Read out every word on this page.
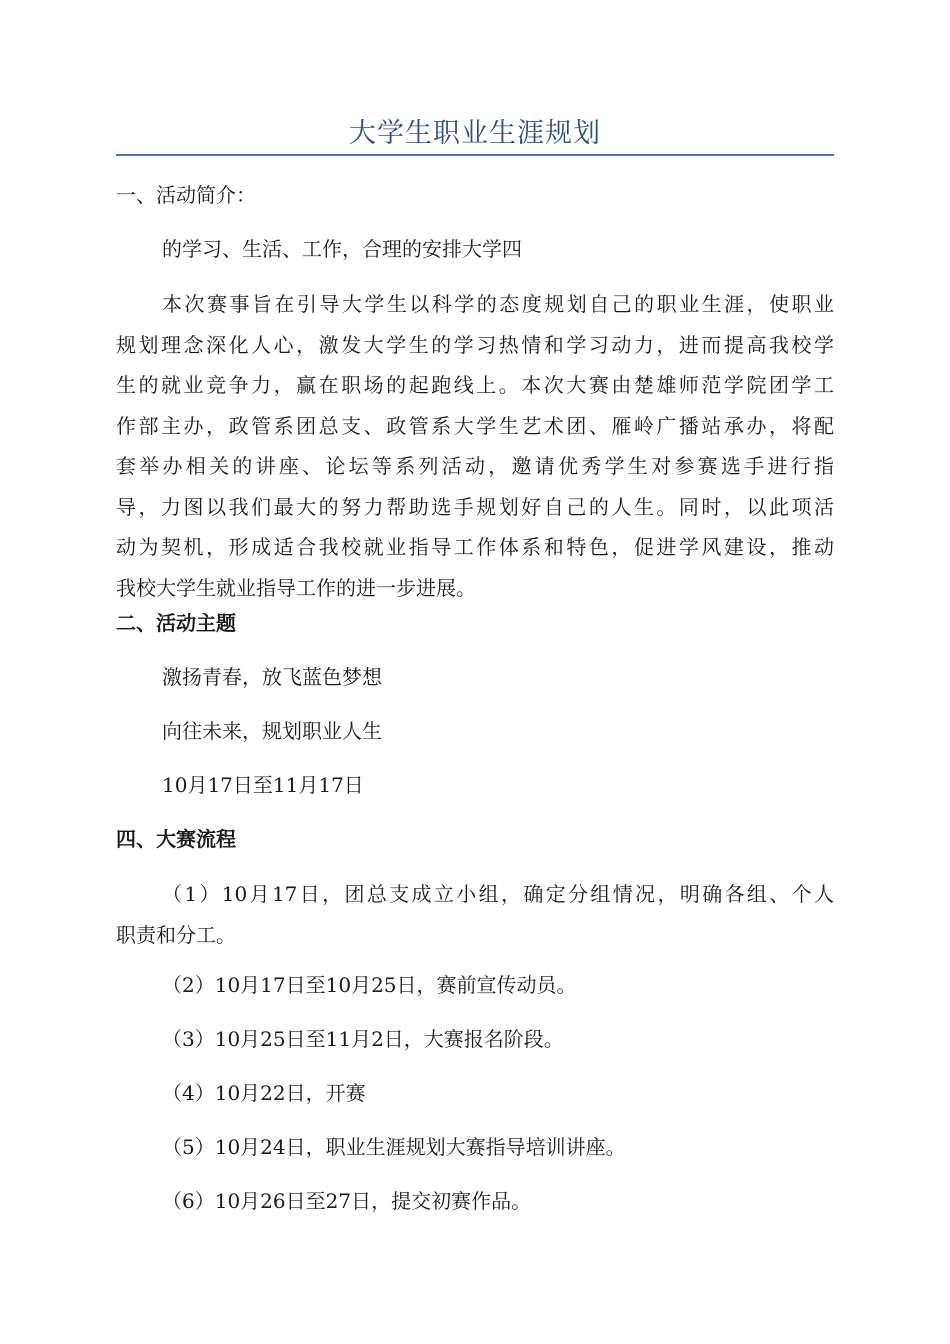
大学生职业生涯规划
一、活动简介：
的学习、生活、工作，合理的安排大学四
本次赛事旨在引导大学生以科学的态度规划自己的职业生涯，使职业
规划理念深化人心，激发大学生的学习热情和学习动力，进而提高我校学
生的就业竞争力，赢在职场的起跑线上。本次大赛由楚雄师范学院团学工
作部主办，政管系团总支、政管系大学生艺术团、雁岭广播站承办，将配
套举办相关的讲座、论坛等系列活动，邀请优秀学生对参赛选手进行指
导，力图以我们最大的努力帮助选手规划好自己的人生。同时，以此项活
动为契机，形成适合我校就业指导工作体系和特色，促进学风建设，推动
我校大学生就业指导工作的进一步进展。
二、活动主题
激扬青春，放飞蓝色梦想
向往未来，规划职业人生
10月17日至11月17日
四、大赛流程
（1）10月17日，团总支成立小组，确定分组情况，明确各组、个人
职责和分工。
（2）10月17日至10月25日，赛前宣传动员。
（3）10月25日至11月2日，大赛报名阶段。
（4）10月22日，开赛
（5）10月24日，职业生涯规划大赛指导培训讲座。
（6）10月26日至27日，提交初赛作品。
